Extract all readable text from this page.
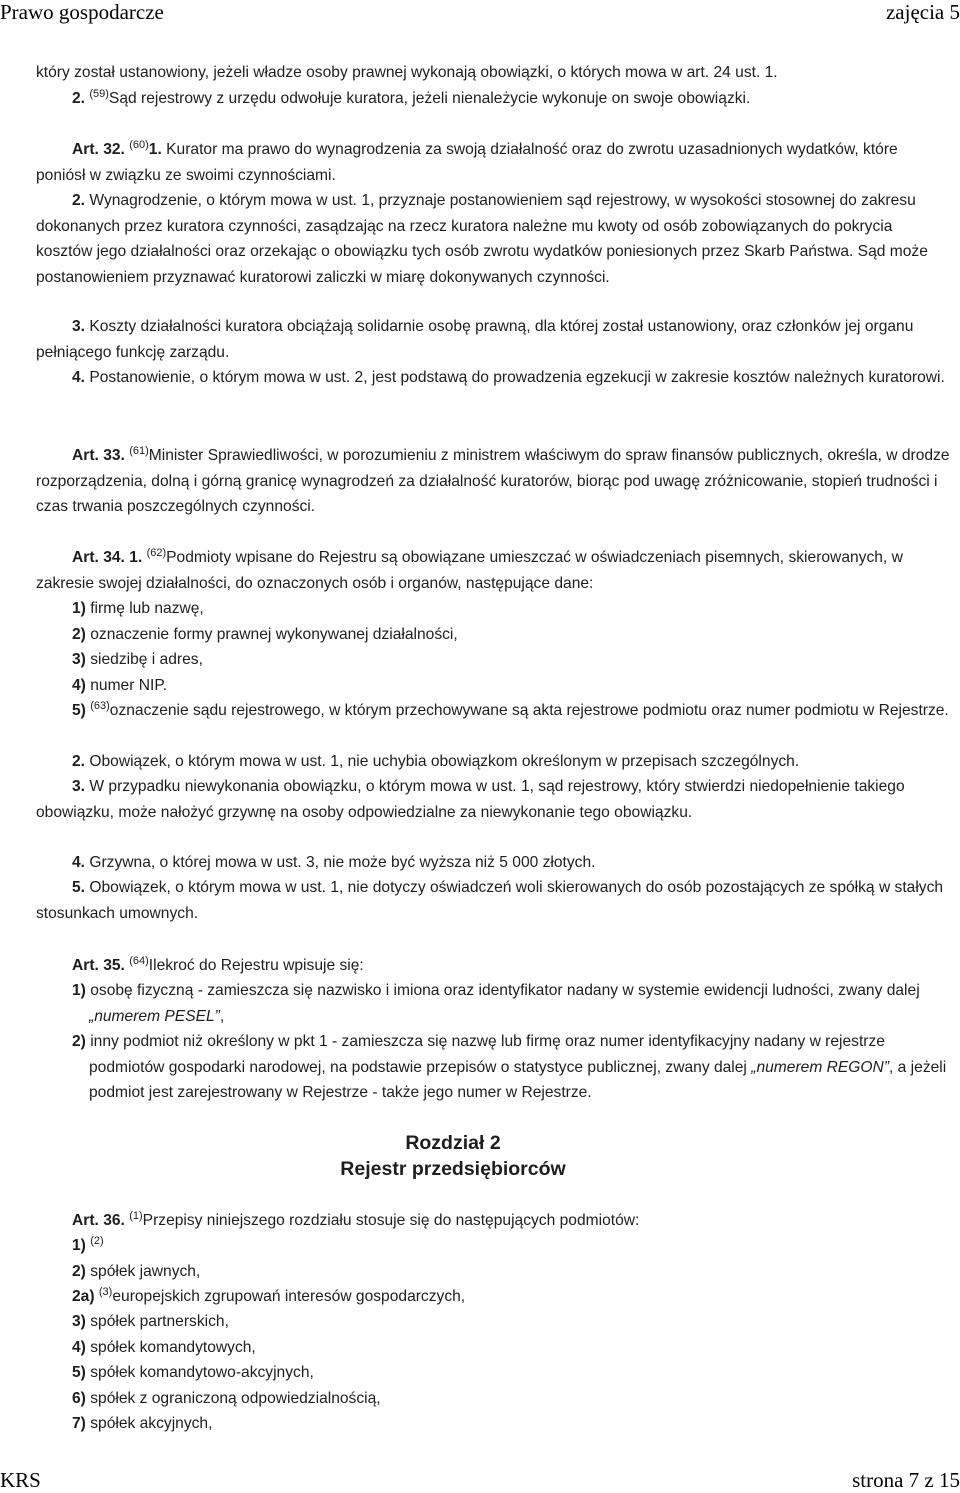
Prawo gospodarcze	zajęcia 5

który został ustanowiony, jeżeli władze osoby prawnej wykonają obowiązki, o których mowa w art. 24 ust. 1.

2. $^{(59)}$Sąd rejestrowy z urzędu odwołuje kuratora, jeżeli nienależycie wykonuje on swoje obowiązki.

Art. 32. $^{(60)}$1. Kurator ma prawo do wynagrodzenia za swoją działalność oraz do zwrotu uzasadnionych wydatków, które poniósł w związku ze swoimi czynnościami.

2. Wynagrodzenie, o którym mowa w ust. 1, przyznaje postanowieniem sąd rejestrowy, w wysokości stosownej do zakresu dokonanych przez kuratora czynności, zasądzając na rzecz kuratora należne mu kwoty od osób zobowiązanych do pokrycia kosztów jego działalności oraz orzekając o obowiązku tych osób zwrotu wydatków poniesionych przez Skarb Państwa. Sąd może postanowieniem przyznawać kuratorowi zaliczki w miarę dokonywanych czynności.

3. Koszty działalności kuratora obciążają solidarnie osobę prawną, dla której został ustanowiony, oraz członków jej organu pełniącego funkcję zarządu.

4. Postanowienie, o którym mowa w ust. 2, jest podstawą do prowadzenia egzekucji w zakresie kosztów należnych kuratorowi.

Art. 33. $^{(61)}$Minister Sprawiedliwości, w porozumieniu z ministrem właściwym do spraw finansów publicznych, określa, w drodze rozporządzenia, dolną i górną granicę wynagrodzeń za działalność kuratorów, biorąc pod uwagę zróżnicowanie, stopień trudności i czas trwania poszczególnych czynności.

Art. 34. 1. $^{(62)}$Podmioty wpisane do Rejestru są obowiązane umieszczać w oświadczeniach pisemnych, skierowanych, w zakresie swojej działalności, do oznaczonych osób i organów, następujące dane:

1) firmę lub nazwę,

2) oznaczenie formy prawnej wykonywanej działalności,

3) siedzibę i adres,

4) numer NIP.

5) $^{(63)}$oznaczenie sądu rejestrowego, w którym przechowywane są akta rejestrowe podmiotu oraz numer podmiotu w Rejestrze.

2. Obowiązek, o którym mowa w ust. 1, nie uchybia obowiązkom określonym w przepisach szczególnych.

3. W przypadku niewykonania obowiązku, o którym mowa w ust. 1, sąd rejestrowy, który stwierdzi niedopełnienie takiego obowiązku, może nałożyć grzywnę na osoby odpowiedzialne za niewykonanie tego obowiązku.

4. Grzywna, o której mowa w ust. 3, nie może być wyższa niż 5 000 złotych.

5. Obowiązek, o którym mowa w ust. 1, nie dotyczy oświadczeń woli skierowanych do osób pozostających ze spółką w stałych stosunkach umownych.

Art. 35. $^{(64)}$Ilekroć do Rejestru wpisuje się:

1) osobę fizyczną - zamieszcza się nazwisko i imiona oraz identyfikator nadany w systemie ewidencji ludności, zwany dalej „numerem PESEL”,

2) inny podmiot niż określony w pkt 1 - zamieszcza się nazwę lub firmę oraz numer identyfikacyjny nadany w rejestrze podmiotów gospodarki narodowej, na podstawie przepisów o statystyce publicznej, zwany dalej „numerem REGON”, a jeżeli podmiot jest zarejestrowany w Rejestrze - także jego numer w Rejestrze.

Rozdział 2
Rejestr przedsiębiorców

Art. 36. $^{(1)}$Przepisy niniejszego rozdziału stosuje się do następujących podmiotów:

1) $^{(2)}$

2) spółek jawnych,

2a) $^{(3)}$europejskich zgrupowań interesów gospodarczych,

3) spółek partnerskich,

4) spółek komandytowych,

5) spółek komandytowo-akcyjnych,

6) spółek z ograniczoną odpowiedzialnością,

7) spółek akcyjnych,

KRS	strona 7 z 15
